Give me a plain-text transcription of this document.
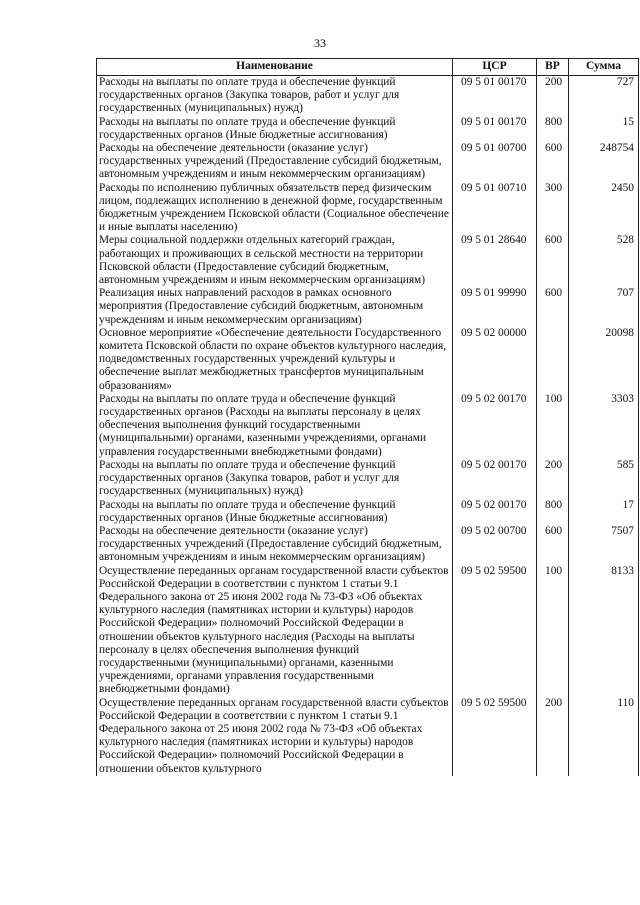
33
Наименование	ЦСР	ВР	Сумма
Расходы на выплаты по оплате труда и обеспечение функций государственных органов (Закупка товаров, работ и услуг для государственных (муниципальных) нужд)	09 5 01 00170	200	727
Расходы на выплаты по оплате труда и обеспечение функций государственных органов (Иные бюджетные ассигнования)	09 5 01 00170	800	15
Расходы на обеспечение деятельности (оказание услуг) государственных учреждений (Предоставление субсидий бюджетным, автономным учреждениям и иным некоммерческим организациям)	09 5 01 00700	600	248754
Расходы по исполнению публичных обязательств перед физическим лицом, подлежащих исполнению в денежной форме, государственным бюджетным учреждением Псковской области (Социальное обеспечение и иные выплаты населению)	09 5 01 00710	300	2450
Меры социальной поддержки отдельных категорий граждан, работающих и проживающих в сельской местности на территории Псковской области (Предоставление субсидий бюджетным, автономным учреждениям и иным некоммерческим организациям)	09 5 01 28640	600	528
Реализация иных направлений расходов в рамках основного мероприятия (Предоставление субсидий бюджетным, автономным учреждениям и иным некоммерческим организациям)	09 5 01 99990	600	707
Основное мероприятие «Обеспечение деятельности Государственного комитета Псковской области по охране объектов культурного наследия, подведомственных государственных учреждений культуры и обеспечение выплат межбюджетных трансфертов муниципальным образованиям»	09 5 02 00000		20098
Расходы на выплаты по оплате труда и обеспечение функций государственных органов (Расходы на выплаты персоналу в целях обеспечения выполнения функций государственными (муниципальными) органами, казенными учреждениями, органами управления государственными внебюджетными фондами)	09 5 02 00170	100	3303
Расходы на выплаты по оплате труда и обеспечение функций государственных органов (Закупка товаров, работ и услуг для государственных (муниципальных) нужд)	09 5 02 00170	200	585
Расходы на выплаты по оплате труда и обеспечение функций государственных органов (Иные бюджетные ассигнования)	09 5 02 00170	800	17
Расходы на обеспечение деятельности (оказание услуг) государственных учреждений (Предоставление субсидий бюджетным, автономным учреждениям и иным некоммерческим организациям)	09 5 02 00700	600	7507
Осуществление переданных органам государственной власти субъектов Российской Федерации в соответствии с пунктом 1 статьи 9.1 Федерального закона от 25 июня 2002 года № 73-ФЗ «Об объектах культурного наследия (памятниках истории и культуры) народов Российской Федерации» полномочий Российской Федерации в отношении объектов культурного наследия (Расходы на выплаты персоналу в целях обеспечения выполнения функций государственными (муниципальными) органами, казенными учреждениями, органами управления государственными внебюджетными фондами)	09 5 02 59500	100	8133
Осуществление переданных органам государственной власти субъектов Российской Федерации в соответствии с пунктом 1 статьи 9.1 Федерального закона от 25 июня 2002 года № 73-ФЗ «Об объектах культурного наследия (памятниках истории и культуры) народов Российской Федерации» полномочий Российской Федерации в отношении объектов культурного	09 5 02 59500	200	110
